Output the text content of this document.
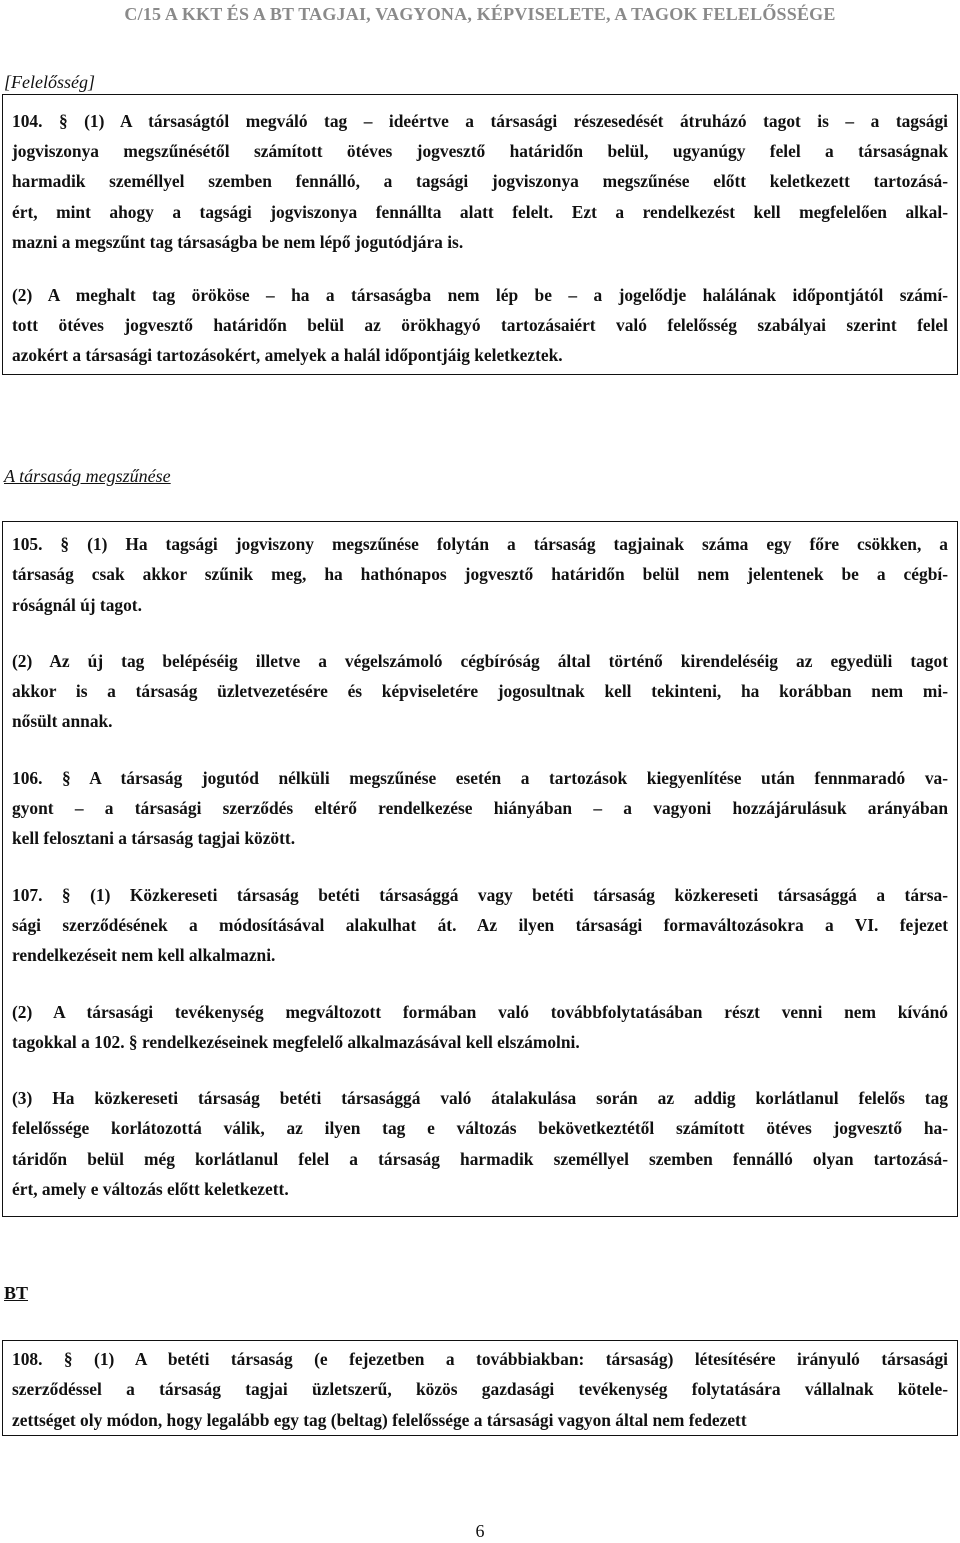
C/15 A KKT ÉS A BT TAGJAI, VAGYONA, KÉPVISELETE, A TAGOK FELELŐSSÉGE
[Felelősség]
104. § (1) A társaságtól megváló tag – ideértve a társasági részesedését átruházó tagot is – a tagsági
jogviszonya megszűnésétől számított ötéves jogvesztő határidőn belül, ugyanúgy felel a társaságnak
harmadik személlyel szemben fennálló, a tagsági jogviszonya megszűnése előtt keletkezett tartozásá-
ért, mint ahogy a tagsági jogviszonya fennállta alatt felelt. Ezt a rendelkezést kell megfelelően alkal-
mazni a megszűnt tag társaságba be nem lépő jogutódjára is.
(2) A meghalt tag örököse – ha a társaságba nem lép be – a jogelődje halálának időpontjától számí-
tott ötéves jogvesztő határidőn belül az örökhagyó tartozásaiért való felelősség szabályai szerint felel
azokért a társasági tartozásokért, amelyek a halál időpontjáig keletkeztek.
A társaság megszűnése
105. § (1) Ha tagsági jogviszony megszűnése folytán a társaság tagjainak száma egy főre csökken, a
társaság csak akkor szűnik meg, ha hathónapos jogvesztő határidőn belül nem jelentenek be a cégbí-
róságnál új tagot.
(2) Az új tag belépéséig illetve a végelszámoló cégbíróság által történő kirendeléséig az egyedüli tagot
akkor is a társaság üzletvezetésére és képviseletére jogosultnak kell tekinteni, ha korábban nem mi-
nősült annak.
106. § A társaság jogutód nélküli megszűnése esetén a tartozások kiegyenlítése után fennmaradó va-
gyont – a társasági szerződés eltérő rendelkezése hiányában – a vagyoni hozzájárulásuk arányában
kell felosztani a társaság tagjai között.
107. § (1) Közkereseti társaság betéti társasággá vagy betéti társaság közkereseti társasággá a társa-
sági szerződésének a módosításával alakulhat át. Az ilyen társasági formaváltozásokra a VI. fejezet
rendelkezéseit nem kell alkalmazni.
(2) A társasági tevékenység megváltozott formában való továbbfolytatásában részt venni nem kívánó
tagokkal a 102. § rendelkezéseinek megfelelő alkalmazásával kell elszámolni.
(3) Ha közkereseti társaság betéti társasággá való átalakulása során az addig korlátlanul felelős tag
felelőssége korlátozottá válik, az ilyen tag e változás bekövetkeztétől számított ötéves jogvesztő ha-
táridőn belül még korlátlanul felel a társaság harmadik személlyel szemben fennálló olyan tartozásá-
ért, amely e változás előtt keletkezett.
BT
108. § (1) A betéti társaság (e fejezetben a továbbiakban: társaság) létesítésére irányuló társasági
szerződéssel a társaság tagjai üzletszerű, közös gazdasági tevékenység folytatására vállalnak kötele-
zettséget oly módon, hogy legalább egy tag (beltag) felelőssége a társasági vagyon által nem fedezett
6
